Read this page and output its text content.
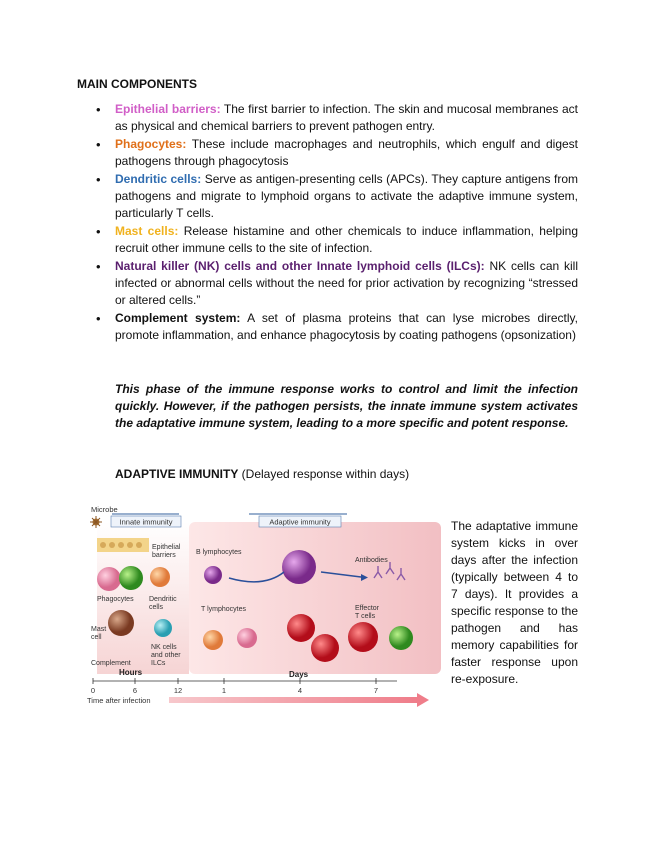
MAIN COMPONENTS
• Epithelial barriers: The first barrier to infection. The skin and mucosal membranes act as physical and chemical barriers to prevent pathogen entry.
• Phagocytes: These include macrophages and neutrophils, which engulf and digest pathogens through phagocytosis
• Dendritic cells: Serve as antigen-presenting cells (APCs). They capture antigens from pathogens and migrate to lymphoid organs to activate the adaptive immune system, particularly T cells.
• Mast cells: Release histamine and other chemicals to induce inflammation, helping recruit other immune cells to the site of infection.
• Natural killer (NK) cells and other Innate lymphoid cells (ILCs): NK cells can kill infected or abnormal cells without the need for prior activation by recognizing “stressed or altered cells.”
• Complement system: A set of plasma proteins that can lyse microbes directly, promote inflammation, and enhance phagocytosis by coating pathogens (opsonization)
This phase of the immune response works to control and limit the infection quickly. However, if the pathogen persists, the innate immune system activates the adaptative immune system, leading to a more specific and potent response.
ADAPTIVE IMMUNITY (Delayed response within days)
Microbe
Innate immunity	Adaptive immunity
Epithelial
barriers
Phagocytes Dendritic
cells
Mast
cell
NK cells
and other
ILCs
Complement
Hours
B lymphocytes
Antibodies
T lymphocytes	Effector
T cells
Days
0	6	12	1	4	7
Time after infection
The adaptative immune system kicks in over days after the infection (typically between 4 to 7 days). It provides a specific response to the pathogen and has memory capabilities for faster response upon re-exposure.
